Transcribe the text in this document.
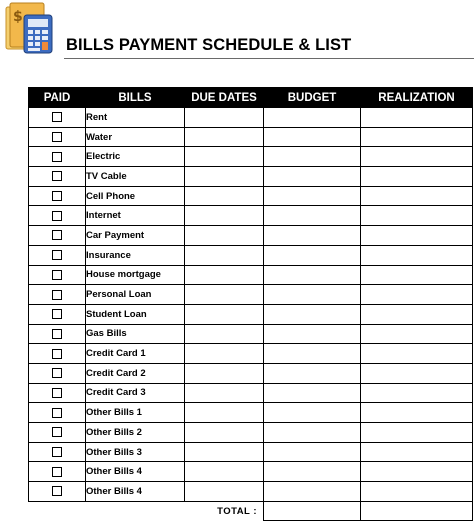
$
BILLS PAYMENT SCHEDULE & LIST
PAID	BILLS	DUE DATES	BUDGET	REALIZATION
	Rent			
	Water			
	Electric			
	TV Cable			
	Cell Phone			
	Internet			
	Car Payment			
	Insurance			
	House mortgage			
	Personal Loan			
	Student Loan			
	Gas Bills			
	Credit Card 1			
	Credit Card 2			
	Credit Card 3			
	Other Bills 1			
	Other Bills 2			
	Other Bills 3			
	Other Bills 4			
	Other Bills 4			
TOTAL :				
